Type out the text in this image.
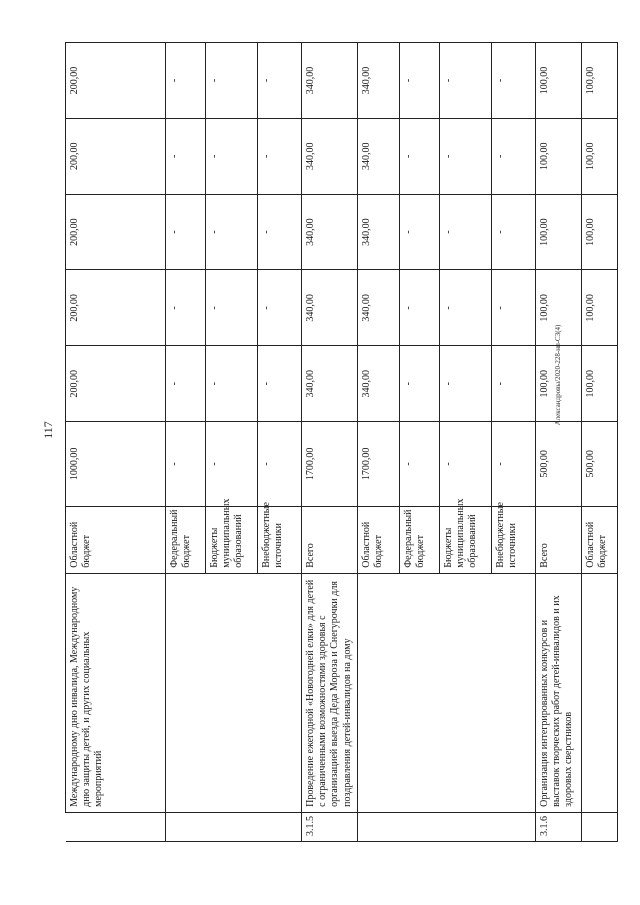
117
Александровы/2020-228-нп-СЗ(4)
	Международному дню инвалида, Международному дню защиты детей, и других социальных мероприятий	Областной бюджет	1000,00	200,00	200,00	200,00	200,00	200,00
		Федеральный бюджет	-	-	-	-	-	-
		Бюджеты муниципальных образований	-	-	-	-	-	-
		Внебюджетные источники	-	-	-	-	-	-
3.1.5	Проведение ежегодной «Новогодней елки» для детей с ограниченными возможностями здоровья с организацией выезда Деда Мороза и Снегурочки для поздравления детей-инвалидов на дому	Всего	1700,00	340,00	340,00	340,00	340,00	340,00
		Областной бюджет	1700,00	340,00	340,00	340,00	340,00	340,00
		Федеральный бюджет	-	-	-	-	-	-
		Бюджеты муниципальных образований	-	-	-	-	-	-
		Внебюджетные источники	-	-	-	-	-	-
3.1.6	Организация интегрированных конкурсов и выставок творческих работ детей-инвалидов и их здоровых сверстников	Всего	500,00	100,00	100,00	100,00	100,00	100,00
		Областной бюджет	500,00	100,00	100,00	100,00	100,00	100,00
